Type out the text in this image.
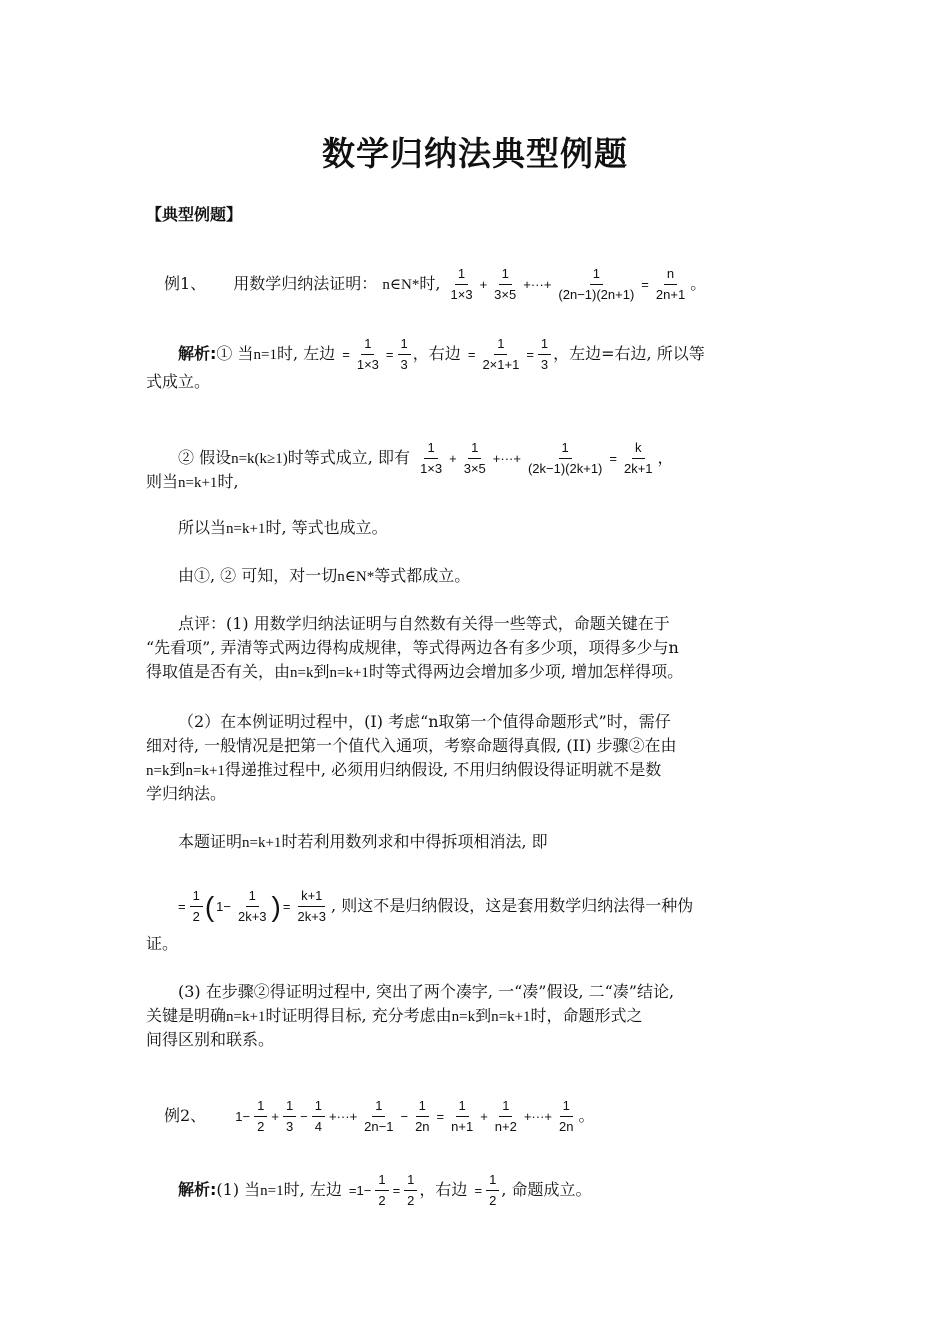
数学归纳法典型例题
【典型例题】
例1、 用数学归纳法证明： n∈N*时, $\frac{1}{1\times 3} + \frac{1}{3\times 5}$ +···+ $\frac{1}{(2n-1)(2n+1)} = \frac{n}{2n+1}$ 。
解析:① 当n=1时, 左边 = $\frac{1}{1\times 3} = \frac{1}{3}$ ，右边 = $\frac{1}{2\times 1+1} = \frac{1}{3}$ ，左边=右边, 所以等
式成立。
② 假设n=k(k≥1)时等式成立, 即有 $\frac{1}{1\times 3} + \frac{1}{3\times 5}$ +···+ $\frac{1}{(2k-1)(2k+1)} = \frac{k}{2k+1}$ ，
则当n=k+1时,
所以当n=k+1时, 等式也成立。
由①, ② 可知，对一切n∈N*等式都成立。
点评：(1) 用数学归纳法证明与自然数有关得一些等式，命题关键在于
“先看项”, 弄清等式两边得构成规律，等式得两边各有多少项，项得多少与n
得取值是否有关，由n=k到n=k+1时等式得两边会增加多少项, 增加怎样得项。
（2）在本例证明过程中，(I) 考虑“n取第一个值得命题形式”时，需仔
细对待, 一般情况是把第一个值代入通项，考察命题得真假, (II) 步骤②在由
n=k到n=k+1得递推过程中, 必须用归纳假设, 不用归纳假设得证明就不是数
学归纳法。
本题证明n=k+1时若利用数列求和中得拆项相消法, 即
= $\frac{1}{2}$ ( $1- \frac{1}{2k+3}$ ) = $\frac{k+1}{2k+3}$ , 则这不是归纳假设，这是套用数学归纳法得一种伪
证。
(3) 在步骤②得证明过程中, 突出了两个凑字, 一“凑”假设, 二“凑”结论,
关键是明确n=k+1时证明得目标, 充分考虑由n=k到n=k+1时，命题形式之
间得区别和联系。
例2、 $1- \frac{1}{2} + \frac{1}{3} - \frac{1}{4}$ +···+ $\frac{1}{2n-1} - \frac{1}{2n} = \frac{1}{n+1} + \frac{1}{n+2}$ +···+ $\frac{1}{2n}$ 。
解析:(1) 当n=1时, 左边 $=1- \frac{1}{2} = \frac{1}{2}$ ，右边 = $\frac{1}{2}$ , 命题成立。
